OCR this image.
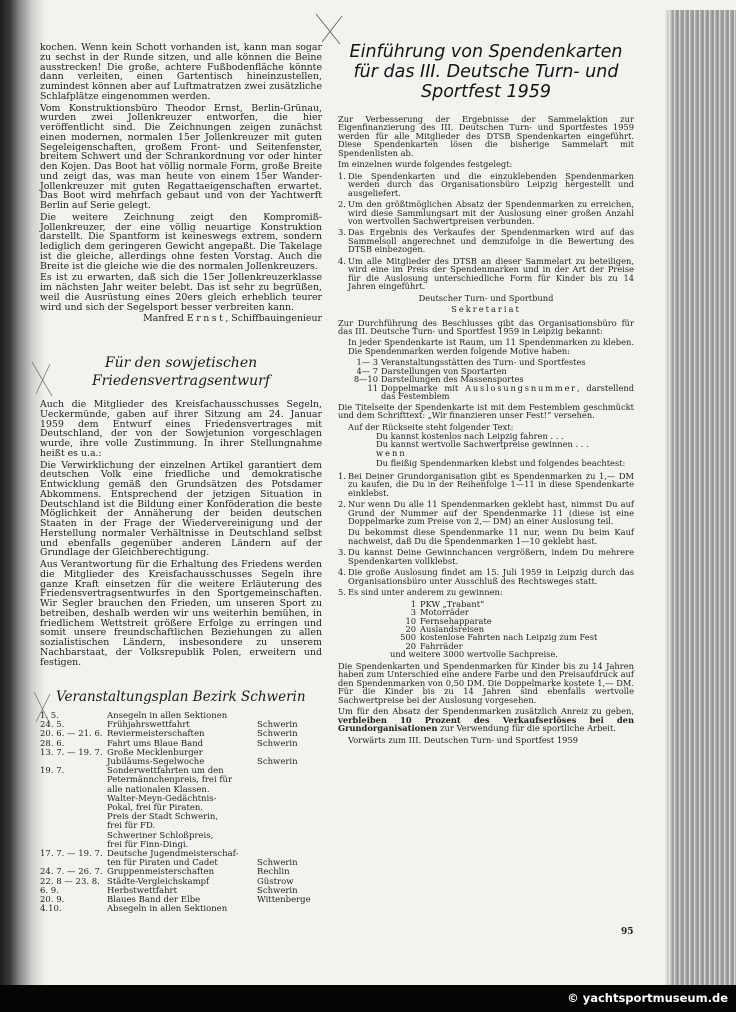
kochen. Wenn kein Schott vorhanden ist, kann man sogar zu sechst in der Runde sitzen, und alle können die Beine ausstrecken! Die große, achtere Fußbodenfläche könnte dann verleiten, einen Gartentisch hineinzustellen, zumindest können aber auf Luftmatratzen zwei zusätzliche Schlafplätze eingenommen werden.

Vom Konstruktionsbüro Theodor Ernst, Berlin-Grünau, wurden zwei Jollenkreuzer entworfen, die hier veröffentlicht sind. Die Zeichnungen zeigen zunächst einen modernen, normalen 15er Jollenkreuzer mit guten Segeleigenschaften, großem Front- und Seitenfenster, breitem Schwert und der Schrankordnung vor oder hinter den Kojen. Das Boot hat völlig normale Form, große Breite und zeigt das, was man heute von einem 15er Wander-Jollenkreuzer mit guten Regattaeigenschaften erwartet. Das Boot wird mehrfach gebaut und von der Yachtwerft Berlin auf Serie gelegt.

Die weitere Zeichnung zeigt den Kompromiß-Jollenkreuzer, der eine völlig neuartige Konstruktion darstellt. Die Spantform ist keineswegs extrem, sondern lediglich dem geringeren Gewicht angepaßt. Die Takelage ist die gleiche, allerdings ohne festen Vorstag. Auch die Breite ist die gleiche wie die des normalen Jollenkreuzers.

Es ist zu erwarten, daß sich die 15er Jollenkreuzerklasse im nächsten Jahr weiter belebt. Das ist sehr zu begrüßen, weil die Ausrüstung eines 20ers gleich erheblich teurer wird und sich der Segelsport besser verbreiten kann.

Manfred Ernst, Schiffbauingenieur
Für den sowjetischen
Friedensvertragsentwurf

Auch die Mitglieder des Kreisfachausschusses Segeln, Ueckermünde, gaben auf ihrer Sitzung am 24. Januar 1959 dem Entwurf eines Friedensvertrages mit Deutschland, der von der Sowjetunion vorgeschlagen wurde, ihre volle Zustimmung. In ihrer Stellungnahme heißt es u.a.:

Die Verwirklichung der einzelnen Artikel garantiert dem deutschen Volk eine friedliche und demokratische Entwicklung gemäß den Grundsätzen des Potsdamer Abkommens. Entsprechend der jetzigen Situation in Deutschland ist die Bildung einer Konföderation die beste Möglichkeit der Annäherung der beiden deutschen Staaten in der Frage der Wiedervereinigung und der Herstellung normaler Verhältnisse in Deutschland selbst und ebenfalls gegenüber anderen Ländern auf der Grundlage der Gleichberechtigung.

Aus Verantwortung für die Erhaltung des Friedens werden die Mitglieder des Kreisfachausschusses Segeln ihre ganze Kraft einsetzen für die weitere Erläuterung des Friedensvertragsentwurfes in den Sportgemeinschaften. Wir Segler brauchen den Frieden, um unseren Sport zu betreiben, deshalb werden wir uns weiterhin bemühen, in friedlichem Wettstreit größere Erfolge zu erringen und somit unsere freundschaftlichen Beziehungen zu allen sozialistischen Ländern, insbesondere zu unserem Nachbarstaat, der Volksrepublik Polen, erweitern und festigen.

Veranstaltungsplan Bezirk Schwerin
1. 5.	Ansegeln in allen Sektionen
24. 5.	Frühjahrswettfahrt	Schwerin
20. 6. — 21. 6. Reviermeisterschaften	Schwerin
28. 6.	Fahrt ums Blaue Band	Schwerin
13. 7. — 19. 7. Große Mecklenburger
Jubiläums-Segelwoche	Schwerin
19. 7.	Sonderwettfahrten um den
Petermännchenpreis, frei für
alle nationalen Klassen.
Walter-Meyn-Gedächtnis-
Pokal, frei für Piraten.
Preis der Stadt Schwerin,
frei für FD.
Schweriner Schloßpreis,
frei für Finn-Dingi.
17. 7. — 19. 7. Deutsche Jugendmeisterschaf-
ten für Piraten und Cadet	Schwerin
24. 7. — 26. 7. Gruppenmeisterschaften	Rechlin
22. 8 — 23. 8. Städte-Vergleichskampf	Güstrow
6. 9.	Herbstwettfahrt	Schwerin
20. 9.	Blaues Band der Elbe	Wittenberge
4.10.	Absegeln in allen Sektionen
Einführung von Spendenkarten
für das III. Deutsche Turn- und
Sportfest 1959

Zur Verbesserung der Ergebnisse der Sammelaktion zur Eigenfinanzierung des III. Deutschen Turn- und Sportfestes 1959 werden für alle Mitglieder des DTSB Spendenkarten eingeführt. Diese Spendenkarten lösen die bisherige Sammelart mit Spendenlisten ab.

Im einzelnen wurde folgendes festgelegt:

1. Die Spendenkarten und die einzuklebenden Spendenmarken werden durch das Organisationsbüro Leipzig hergestellt und ausgeliefert.
2. Um den größtmöglichen Absatz der Spendenmarken zu erreichen, wird diese Sammlungsart mit der Auslosung einer großen Anzahl von wertvollen Sachwertpreisen verbunden.
3. Das Ergebnis des Verkaufes der Spendenmarken wird auf das Sammelsoll angerechnet und demzufolge in die Bewertung des DTSB einbezogen.
4. Um alle Mitglieder des DTSB an dieser Sammelart zu beteiligen, wird eine im Preis der Spendenmarken und in der Art der Preise für die Auslosung unterschiedliche Form für Kinder bis zu 14 Jahren eingeführt.

Deutscher Turn- und Sportbund

Sekretariat

Zur Durchführung des Beschlusses gibt das Organisationsbüro für das III. Deutsche Turn- und Sportfest 1959 in Leipzig bekannt:

In jeder Spendenkarte ist Raum, um 11 Spendenmarken zu kleben. Die Spendenmarken werden folgende Motive haben:

1— 3 Veranstaltungsstätten des Turn- und Sportfestes
4— 7 Darstellungen von Sportarten
8—10 Darstellungen des Massensportes
11 Doppelmarke mit Auslosungsnummer, darstellend das Festemblem

Die Titelseite der Spendenkarte ist mit dem Festemblem geschmückt und dem Schrifttext: „Wir finanzieren unser Fest!“ versehen.

Auf der Rückseite steht folgender Text:

Du kannst kostenlos nach Leipzig fahren . . .
Du kannst wertvolle Sachwertpreise gewinnen . . .
wenn
Du fleißig Spendenmarken klebst und folgendes beachtest:
1. Bei Deiner Grundorganisation gibt es Spendenmarken zu 1,— DM zu kaufen, die Du in der Reihenfolge 1—11 in diese Spendenkarte einklebst.
2. Nur wenn Du alle 11 Spendenmarken geklebt hast, nimmst Du auf Grund der Nummer auf der Spendenmarke 11 (diese ist eine Doppelmarke zum Preise von 2,— DM) an einer Auslosung teil.

Du bekommst diese Spendenmarke 11 nur, wenn Du beim Kauf nachweist, daß Du die Spendenmarken 1—10 geklebt hast.

3. Du kannst Deine Gewinnchancen vergrößern, indem Du mehrere Spendenkarten vollklebst.
4. Die große Auslosung findet am 15. Juli 1959 in Leipzig durch das Organisationsbüro unter Ausschluß des Rechtsweges statt.
5. Es sind unter anderem zu gewinnen:
1 PKW „Trabant“
3 Motorräder
10 Fernsehapparate
20 Auslandsreisen
500 kostenlose Fahrten nach Leipzig zum Fest
20 Fahrräder
und weitere 3000 wertvolle Sachpreise.

Die Spendenkarten und Spendenmarken für Kinder bis zu 14 Jahren haben zum Unterschied eine andere Farbe und den Preisaufdruck auf den Spendenmarken von 0,50 DM. Die Doppelmarke kostete 1,— DM. Für die Kinder bis zu 14 Jahren sind ebenfalls wertvolle Sachwertpreise bei der Auslosung vorgesehen.

Um für den Absatz der Spendenmarken zusätzlich Anreiz zu geben, verbleiben 10 Prozent des Verkaufserlöses bei den Grundorganisationen zur Verwendung für die sportliche Arbeit.

Vorwärts zum III. Deutschen Turn- und Sportfest 1959

95
© yachtsportmuseum.de
